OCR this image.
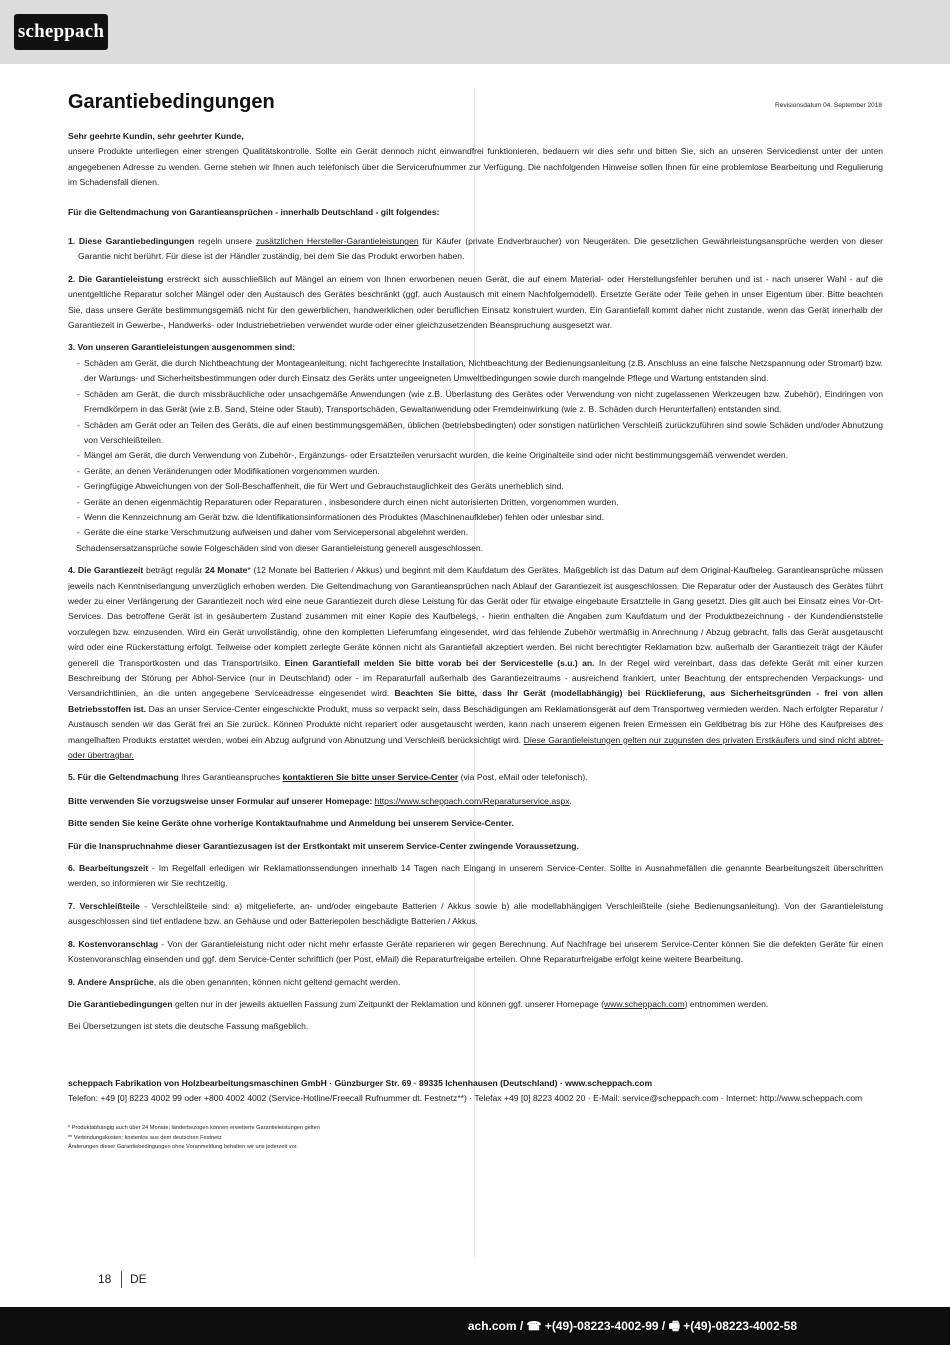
scheppach
Garantiebedingungen	Revisionsdatum 04. September 2018

Sehr geehrte Kundin, sehr geehrter Kunde,

unsere Produkte unterliegen einer strengen Qualitätskontrolle. Sollte ein Gerät dennoch nicht einwandfrei funktionieren, bedauern wir dies sehr und bitten Sie, sich an unseren Servicedienst unter der unten angegebenen Adresse zu wenden. Gerne stehen wir Ihnen auch telefonisch über die Servicerufnummer zur Verfügung. Die nachfolgenden Hinweise sollen Ihnen für eine problemlose Bearbeitung und Regulierung im Schadensfall dienen.

Für die Geltendmachung von Garantieansprüchen - innerhalb Deutschland - gilt folgendes:

1. Diese Garantiebedingungen regeln unsere zusätzlichen Hersteller-Garantieleistungen für Käufer (private Endverbraucher) von Neugeräten. Die gesetzlichen Gewährleistungsansprüche werden von dieser Garantie nicht berührt. Für diese ist der Händler zuständig, bei dem Sie das Produkt erworben haben.

2. Die Garantieleistung erstreckt sich ausschließlich auf Mängel an einem von Ihnen erworbenen neuen Gerät, die auf einem Material- oder Herstellungsfehler beruhen und ist - nach unserer Wahl - auf die unentgeltliche Reparatur solcher Mängel oder den Austausch des Gerätes beschränkt (ggf. auch Austausch mit einem Nachfolgemodell). Ersetzte Geräte oder Teile gehen in unser Eigentum über. Bitte beachten Sie, dass unsere Geräte bestimmungsgemäß nicht für den gewerblichen, handwerklichen oder beruflichen Einsatz konstruiert wurden. Ein Garantiefall kommt daher nicht zustande, wenn das Gerät innerhalb der Garantiezeit in Gewerbe-, Handwerks- oder Industriebetrieben verwendet wurde oder einer gleichzusetzenden Beanspruchung ausgesetzt war.

3. Von unseren Garantieleistungen ausgenommen sind:

- Schäden am Gerät, die durch Nichtbeachtung der Montageanleitung, nicht fachgerechte Installation, Nichtbeachtung der Bedienungsanleitung (z.B. Anschluss an eine falsche Netzspannung oder Stromart) bzw. der Wartungs- und Sicherheitsbestimmungen oder durch Einsatz des Geräts unter ungeeigneten Umweltbedingungen sowie durch mangelnde Pflege und Wartung entstanden sind.
- Schäden am Gerät, die durch missbräuchliche oder unsachgemäße Anwendungen (wie z.B. Überlastung des Gerätes oder Verwendung von nicht zugelassenen Werkzeugen bzw. Zubehör), Eindringen von Fremdkörpern in das Gerät (wie z.B. Sand, Steine oder Staub), Transportschäden, Gewaltanwendung oder Fremdeinwirkung (wie z. B. Schäden durch Herunterfallen) entstanden sind.
- Schäden am Gerät oder an Teilen des Geräts, die auf einen bestimmungsgemäßen, üblichen (betriebsbedingten) oder sonstigen natürlichen Verschleiß zurückzuführen sind sowie Schäden und/oder Abnutzung von Verschleißteilen.
- Mängel am Gerät, die durch Verwendung von Zubehör-, Ergänzungs- oder Ersatzteilen verursacht wurden, die keine Originalteile sind oder nicht bestimmungsgemäß verwendet werden.
- Geräte, an denen Veränderungen oder Modifikationen vorgenommen wurden.
- Geringfügige Abweichungen von der Soll-Beschaffenheit, die für Wert und Gebrauchstauglichkeit des Geräts unerheblich sind.
- Geräte an denen eigenmächtig Reparaturen oder Reparaturen , insbesondere durch einen nicht autorisierten Dritten, vorgenommen wurden.
- Wenn die Kennzeichnung am Gerät bzw. die Identifikationsinformationen des Produktes (Maschinenaufkleber) fehlen oder unlesbar sind.
- Geräte die eine starke Verschmutzung aufweisen und daher vom Servicepersonal abgelehnt werden.

Schadensersatzansprüche sowie Folgeschäden sind von dieser Garantieleistung generell ausgeschlossen.

4. Die Garantiezeit beträgt regulär 24 Monate* (12 Monate bei Batterien / Akkus) und beginnt mit dem Kaufdatum des Gerätes. Maßgeblich ist das Datum auf dem Original-Kaufbeleg. Garantieansprüche müssen jeweils nach Kenntniserlangung unverzüglich erhoben werden. Die Geltendmachung von Garantieansprüchen nach Ablauf der Garantiezeit ist ausgeschlossen. Die Reparatur oder der Austausch des Gerätes führt weder zu einer Verlängerung der Garantiezeit noch wird eine neue Garantiezeit durch diese Leistung für das Gerät oder für etwaige eingebaute Ersatzteile in Gang gesetzt. Dies gilt auch bei Einsatz eines Vor-Ort-Services. Das betroffene Gerät ist in gesäubertem Zustand zusammen mit einer Kopie des Kaufbelegs, - hierin enthalten die Angaben zum Kaufdatum und der Produktbezeichnung - der Kundendienststelle vorzulegen bzw. einzusenden. Wird ein Gerät unvollständig, ohne den kompletten Lieferumfang eingesendet, wird das fehlende Zubehör wertmäßig in Anrechnung / Abzug gebracht, falls das Gerät ausgetauscht wird oder eine Rückerstattung erfolgt. Teilweise oder komplett zerlegte Geräte können nicht als Garantiefall akzeptiert werden. Bei nicht berechtigter Reklamation bzw. außerhalb der Garantiezeit trägt der Käufer generell die Transportkosten und das Transportrisiko. Einen Garantiefall melden Sie bitte vorab bei der Servicestelle (s.u.) an. In der Regel wird vereinbart, dass das defekte Gerät mit einer kurzen Beschreibung der Störung per Abhol-Service (nur in Deutschland) oder - im Reparaturfall außerhalb des Garantiezeitraums - ausreichend frankiert, unter Beachtung der entsprechenden Verpackungs- und Versandrichtlinien, an die unten angegebene Serviceadresse eingesendet wird. Beachten Sie bitte, dass Ihr Gerät (modellabhängig) bei Rücklieferung, aus Sicherheitsgründen - frei von allen Betriebsstoffen ist. Das an unser Service-Center eingeschickte Produkt, muss so verpackt sein, dass Beschädigungen am Reklamationsgerät auf dem Transportweg vermieden werden. Nach erfolgter Reparatur / Austausch senden wir das Gerät frei an Sie zurück. Können Produkte nicht repariert oder ausgetauscht werden, kann nach unserem eigenen freien Ermessen ein Geldbetrag bis zur Höhe des Kaufpreises des mangelhaften Produkts erstattet werden, wobei ein Abzug aufgrund von Abnutzung und Verschleiß berücksichtigt wird. Diese Garantieleistungen gelten nur zugunsten des privaten Erstkäufers und sind nicht abtret- oder übertragbar.

5. Für die Geltendmachung Ihres Garantieanspruches kontaktieren Sie bitte unser Service-Center (via Post, eMail oder telefonisch).

Bitte verwenden Sie vorzugsweise unser Formular auf unserer Homepage: https://www.scheppach.com/Reparaturservice.aspx.

Bitte senden Sie keine Geräte ohne vorherige Kontaktaufnahme und Anmeldung bei unserem Service-Center.

Für die Inanspruchnahme dieser Garantiezusagen ist der Erstkontakt mit unserem Service-Center zwingende Voraussetzung.

6. Bearbeitungszeit - Im Regelfall erledigen wir Reklamationssendungen innerhalb 14 Tagen nach Eingang in unserem Service-Center. Sollte in Ausnahmefällen die genannte Bearbeitungszeit überschritten werden, so informieren wir Sie rechtzeitig.

7. Verschleißteile - Verschleißteile sind: a) mitgelieferte, an- und/oder eingebaute Batterien / Akkus sowie b) alle modellabhängigen Verschleißteile (siehe Bedienungsanleitung). Von der Garantieleistung ausgeschlossen sind tief entladene bzw. an Gehäuse und oder Batteriepolen beschädigte Batterien / Akkus.

8. Kostenvoranschlag - Von der Garantieleistung nicht oder nicht mehr erfasste Geräte reparieren wir gegen Berechnung. Auf Nachfrage bei unserem Service-Center können Sie die defekten Geräte für einen Kostenvoranschlag einsenden und ggf. dem Service-Center schriftlich (per Post, eMail) die Reparaturfreigabe erteilen. Ohne Reparaturfreigabe erfolgt keine weitere Bearbeitung.

9. Andere Ansprüche, als die oben genannten, können nicht geltend gemacht werden.

Die Garantiebedingungen gelten nur in der jeweils aktuellen Fassung zum Zeitpunkt der Reklamation und können ggf. unserer Homepage (www.scheppach.com) entnommen werden.

Bei Übersetzungen ist stets die deutsche Fassung maßgeblich.

scheppach Fabrikation von Holzbearbeitungsmaschinen GmbH · Günzburger Str. 69 · 89335 Ichenhausen (Deutschland) · www.scheppach.com

Telefon: +49 [0] 8223 4002 99 oder +800 4002 4002 (Service-Hotline/Freecall Rufnummer dt. Festnetz**) · Telefax +49 [0] 8223 4002 20 · E-Mail: service@scheppach.com · Internet: http://www.scheppach.com

* Produktabhängig auch über 24 Monate; länderbezogen können erweiterte Garantieleistungen gelten

** Verbindungskosten: kostenlos aus dem deutschen Festnetz

Änderungen dieser Garantiebedingungen ohne Voranmeldung behalten wir uns jederzeit vor.

18 DE
ach.com / ☎ +(49)-08223-4002-99 / 🖷 +(49)-08223-4002-58
